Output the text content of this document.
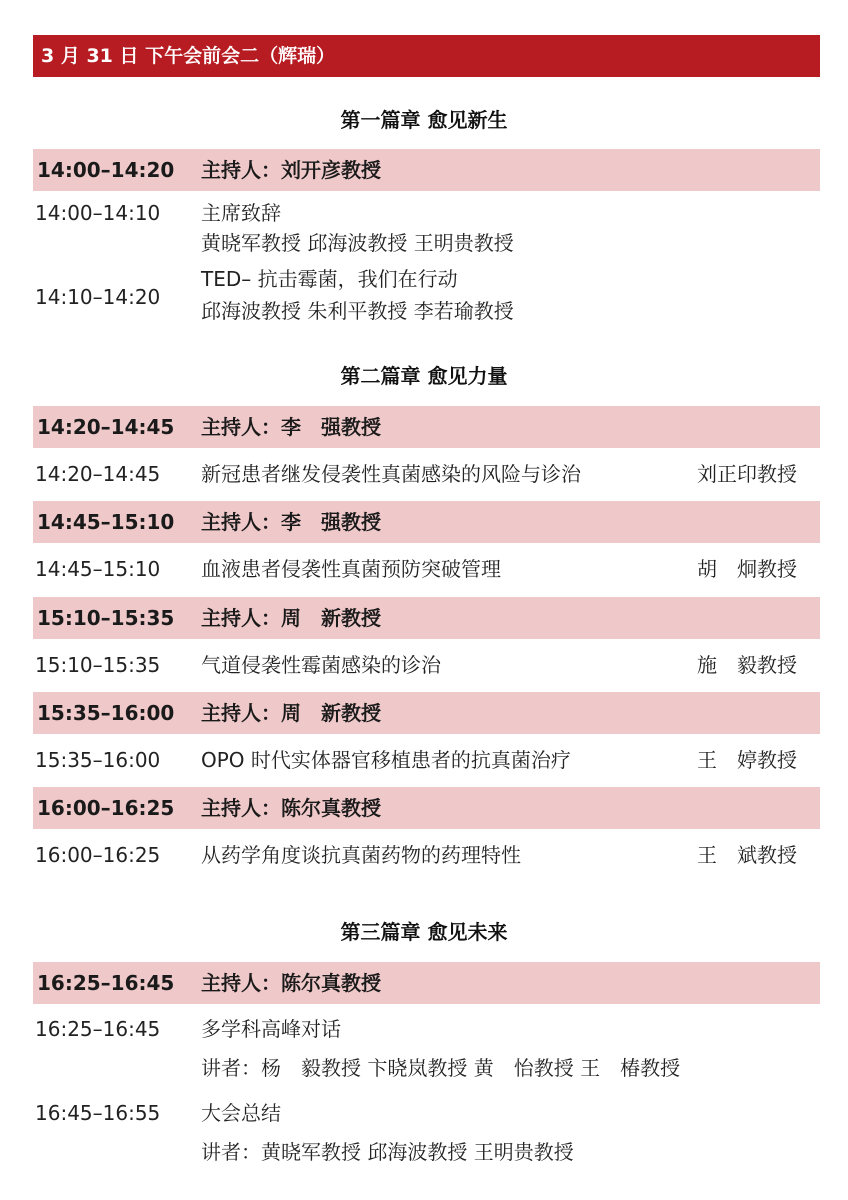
3 月 31 日 下午会前会二（辉瑞）
第一篇章 愈见新生
14:00–14:20 主持人：刘开彦教授
14:00–14:10 主席致辞
黄晓军教授 邱海波教授 王明贵教授
14:10–14:20
TED– 抗击霉菌，我们在行动
邱海波教授 朱利平教授 李若瑜教授
第二篇章 愈见力量
14:20–14:45 主持人：李　强教授
14:20–14:45 新冠患者继发侵袭性真菌感染的风险与诊治	刘正印教授
14:45–15:10 主持人：李　强教授
14:45–15:10 血液患者侵袭性真菌预防突破管理	胡　炯教授
15:10–15:35 主持人：周　新教授
15:10–15:35 气道侵袭性霉菌感染的诊治	施　毅教授
15:35–16:00 主持人：周　新教授
15:35–16:00 OPO 时代实体器官移植患者的抗真菌治疗	王　婷教授
16:00–16:25 主持人：陈尔真教授
16:00–16:25 从药学角度谈抗真菌药物的药理特性	王　斌教授
第三篇章 愈见未来
16:25–16:45 主持人：陈尔真教授
16:25–16:45 多学科高峰对话
讲者：杨　毅教授 卞晓岚教授 黄　怡教授 王　椿教授
16:45–16:55 大会总结
讲者：黄晓军教授 邱海波教授 王明贵教授
